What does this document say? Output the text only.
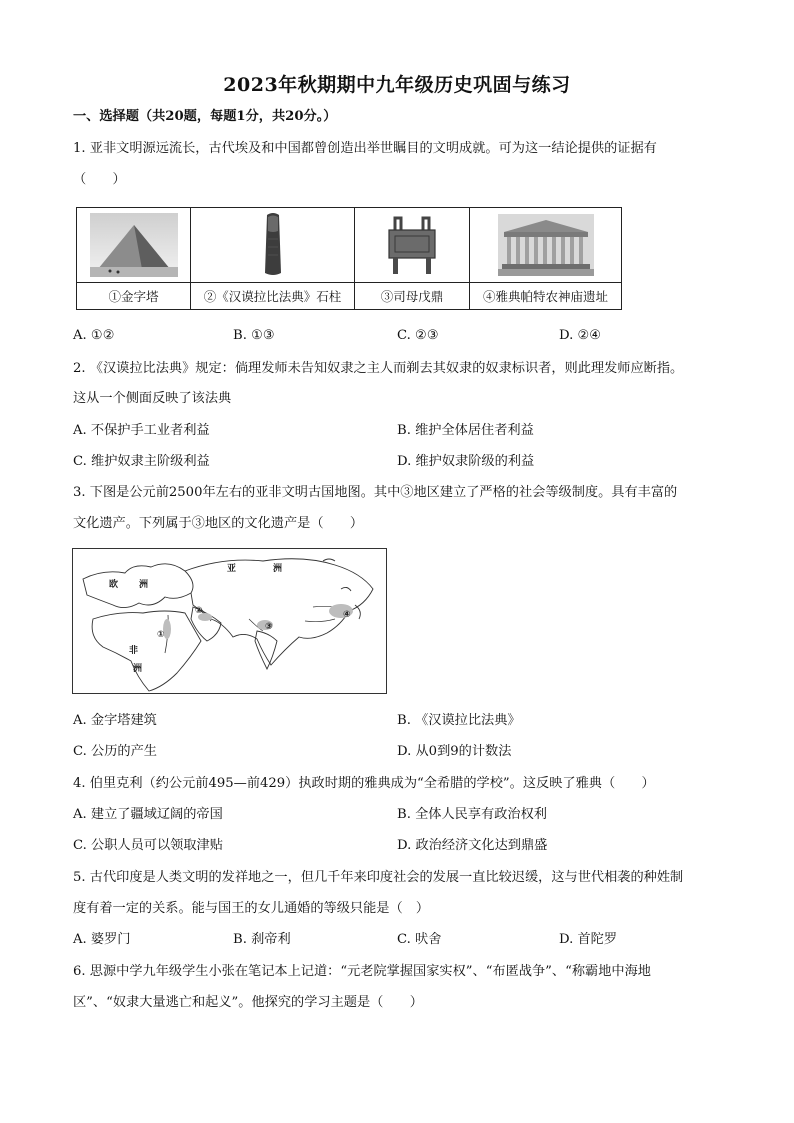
2023年秋期期中九年级历史巩固与练习
一、选择题（共20题，每题1分，共20分。）
1. 亚非文明源远流长，古代埃及和中国都曾创造出举世瞩目的文明成就。可为这一结论提供的证据有
（　　）
①金字塔	②《汉谟拉比法典》石柱	③司母戊鼎	④雅典帕特农神庙遗址
A. ①②	B. ①③	C. ②③	D. ②④
2. 《汉谟拉比法典》规定：倘理发师未告知奴隶之主人而剃去其奴隶的奴隶标识者，则此理发师应断指。
这从一个侧面反映了该法典
A. 不保护手工业者利益	B. 维护全体居住者利益
C. 维护奴隶主阶级利益	D. 维护奴隶阶级的利益
3. 下图是公元前2500年左右的亚非文明古国地图。其中③地区建立了严格的社会等级制度。具有丰富的
文化遗产。下列属于③地区的文化遗产是（　　）
欧 洲
亚	洲
非
洲
①
②
③
④
A. 金字塔建筑	B. 《汉谟拉比法典》
C. 公历的产生	D. 从0到9的计数法
4. 伯里克利（约公元前495—前429）执政时期的雅典成为“全希腊的学校”。这反映了雅典（　　）
A. 建立了疆域辽阔的帝国	B. 全体人民享有政治权利
C. 公职人员可以领取津贴	D. 政治经济文化达到鼎盛
5. 古代印度是人类文明的发祥地之一，但几千年来印度社会的发展一直比较迟缓，这与世代相袭的种姓制
度有着一定的关系。能与国王的女儿通婚的等级只能是（　）
A. 婆罗门	B. 刹帝利	C. 吠舍	D. 首陀罗
6. 思源中学九年级学生小张在笔记本上记道：“元老院掌握国家实权”、“布匿战争”、“称霸地中海地
区”、“奴隶大量逃亡和起义”。他探究的学习主题是（　　）
